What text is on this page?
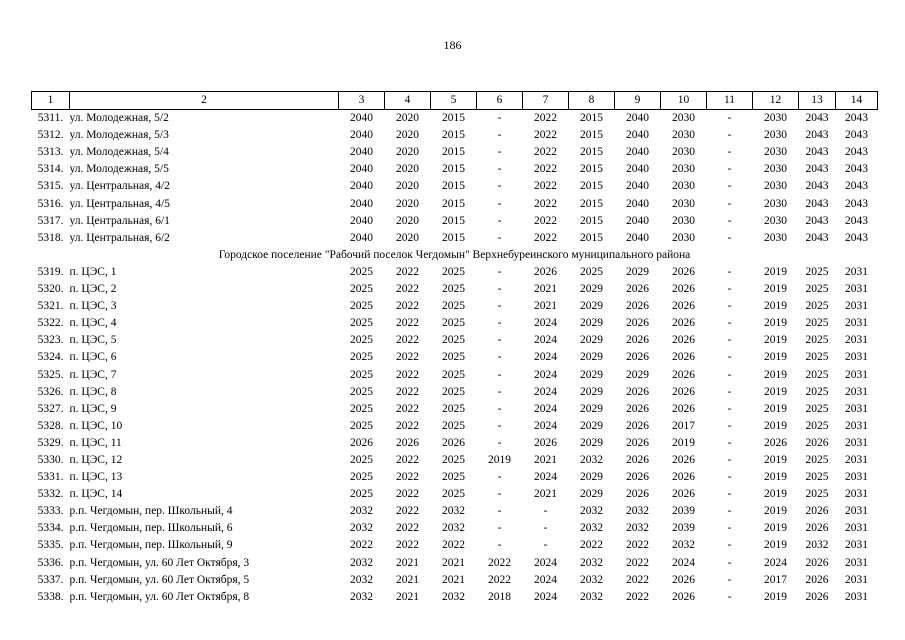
186
1	2	3	4	5	6	7	8	9	10	11	12	13	14
5311.	ул. Молодежная, 5/2	2040	2020	2015	-	2022	2015	2040	2030	-	2030	2043	2043
5312.	ул. Молодежная, 5/3	2040	2020	2015	-	2022	2015	2040	2030	-	2030	2043	2043
5313.	ул. Молодежная, 5/4	2040	2020	2015	-	2022	2015	2040	2030	-	2030	2043	2043
5314.	ул. Молодежная, 5/5	2040	2020	2015	-	2022	2015	2040	2030	-	2030	2043	2043
5315.	ул. Центральная, 4/2	2040	2020	2015	-	2022	2015	2040	2030	-	2030	2043	2043
5316.	ул. Центральная, 4/5	2040	2020	2015	-	2022	2015	2040	2030	-	2030	2043	2043
5317.	ул. Центральная, 6/1	2040	2020	2015	-	2022	2015	2040	2030	-	2030	2043	2043
5318.	ул. Центральная, 6/2	2040	2020	2015	-	2022	2015	2040	2030	-	2030	2043	2043
Городское поселение "Рабочий поселок Чегдомын" Верхнебуреинского муниципального района													
5319.	п. ЦЭС, 1	2025	2022	2025	-	2026	2025	2029	2026	-	2019	2025	2031
5320.	п. ЦЭС, 2	2025	2022	2025	-	2021	2029	2026	2026	-	2019	2025	2031
5321.	п. ЦЭС, 3	2025	2022	2025	-	2021	2029	2026	2026	-	2019	2025	2031
5322.	п. ЦЭС, 4	2025	2022	2025	-	2024	2029	2026	2026	-	2019	2025	2031
5323.	п. ЦЭС, 5	2025	2022	2025	-	2024	2029	2026	2026	-	2019	2025	2031
5324.	п. ЦЭС, 6	2025	2022	2025	-	2024	2029	2026	2026	-	2019	2025	2031
5325.	п. ЦЭС, 7	2025	2022	2025	-	2024	2029	2029	2026	-	2019	2025	2031
5326.	п. ЦЭС, 8	2025	2022	2025	-	2024	2029	2026	2026	-	2019	2025	2031
5327.	п. ЦЭС, 9	2025	2022	2025	-	2024	2029	2026	2026	-	2019	2025	2031
5328.	п. ЦЭС, 10	2025	2022	2025	-	2024	2029	2026	2017	-	2019	2025	2031
5329.	п. ЦЭС, 11	2026	2026	2026	-	2026	2029	2026	2019	-	2026	2026	2031
5330.	п. ЦЭС, 12	2025	2022	2025	2019	2021	2032	2026	2026	-	2019	2025	2031
5331.	п. ЦЭС, 13	2025	2022	2025	-	2024	2029	2026	2026	-	2019	2025	2031
5332.	п. ЦЭС, 14	2025	2022	2025	-	2021	2029	2026	2026	-	2019	2025	2031
5333.	р.п. Чегдомын, пер. Школьный, 4	2032	2022	2032	-	-	2032	2032	2039	-	2019	2026	2031
5334.	р.п. Чегдомын, пер. Школьный, 6	2032	2022	2032	-	-	2032	2032	2039	-	2019	2026	2031
5335.	р.п. Чегдомын, пер. Школьный, 9	2022	2022	2022	-	-	2022	2022	2032	-	2019	2032	2031
5336.	р.п. Чегдомын, ул. 60 Лет Октября, 3	2032	2021	2021	2022	2024	2032	2022	2024	-	2024	2026	2031
5337.	р.п. Чегдомын, ул. 60 Лет Октября, 5	2032	2021	2021	2022	2024	2032	2022	2026	-	2017	2026	2031
5338.	р.п. Чегдомын, ул. 60 Лет Октября, 8	2032	2021	2032	2018	2024	2032	2022	2026	-	2019	2026	2031
